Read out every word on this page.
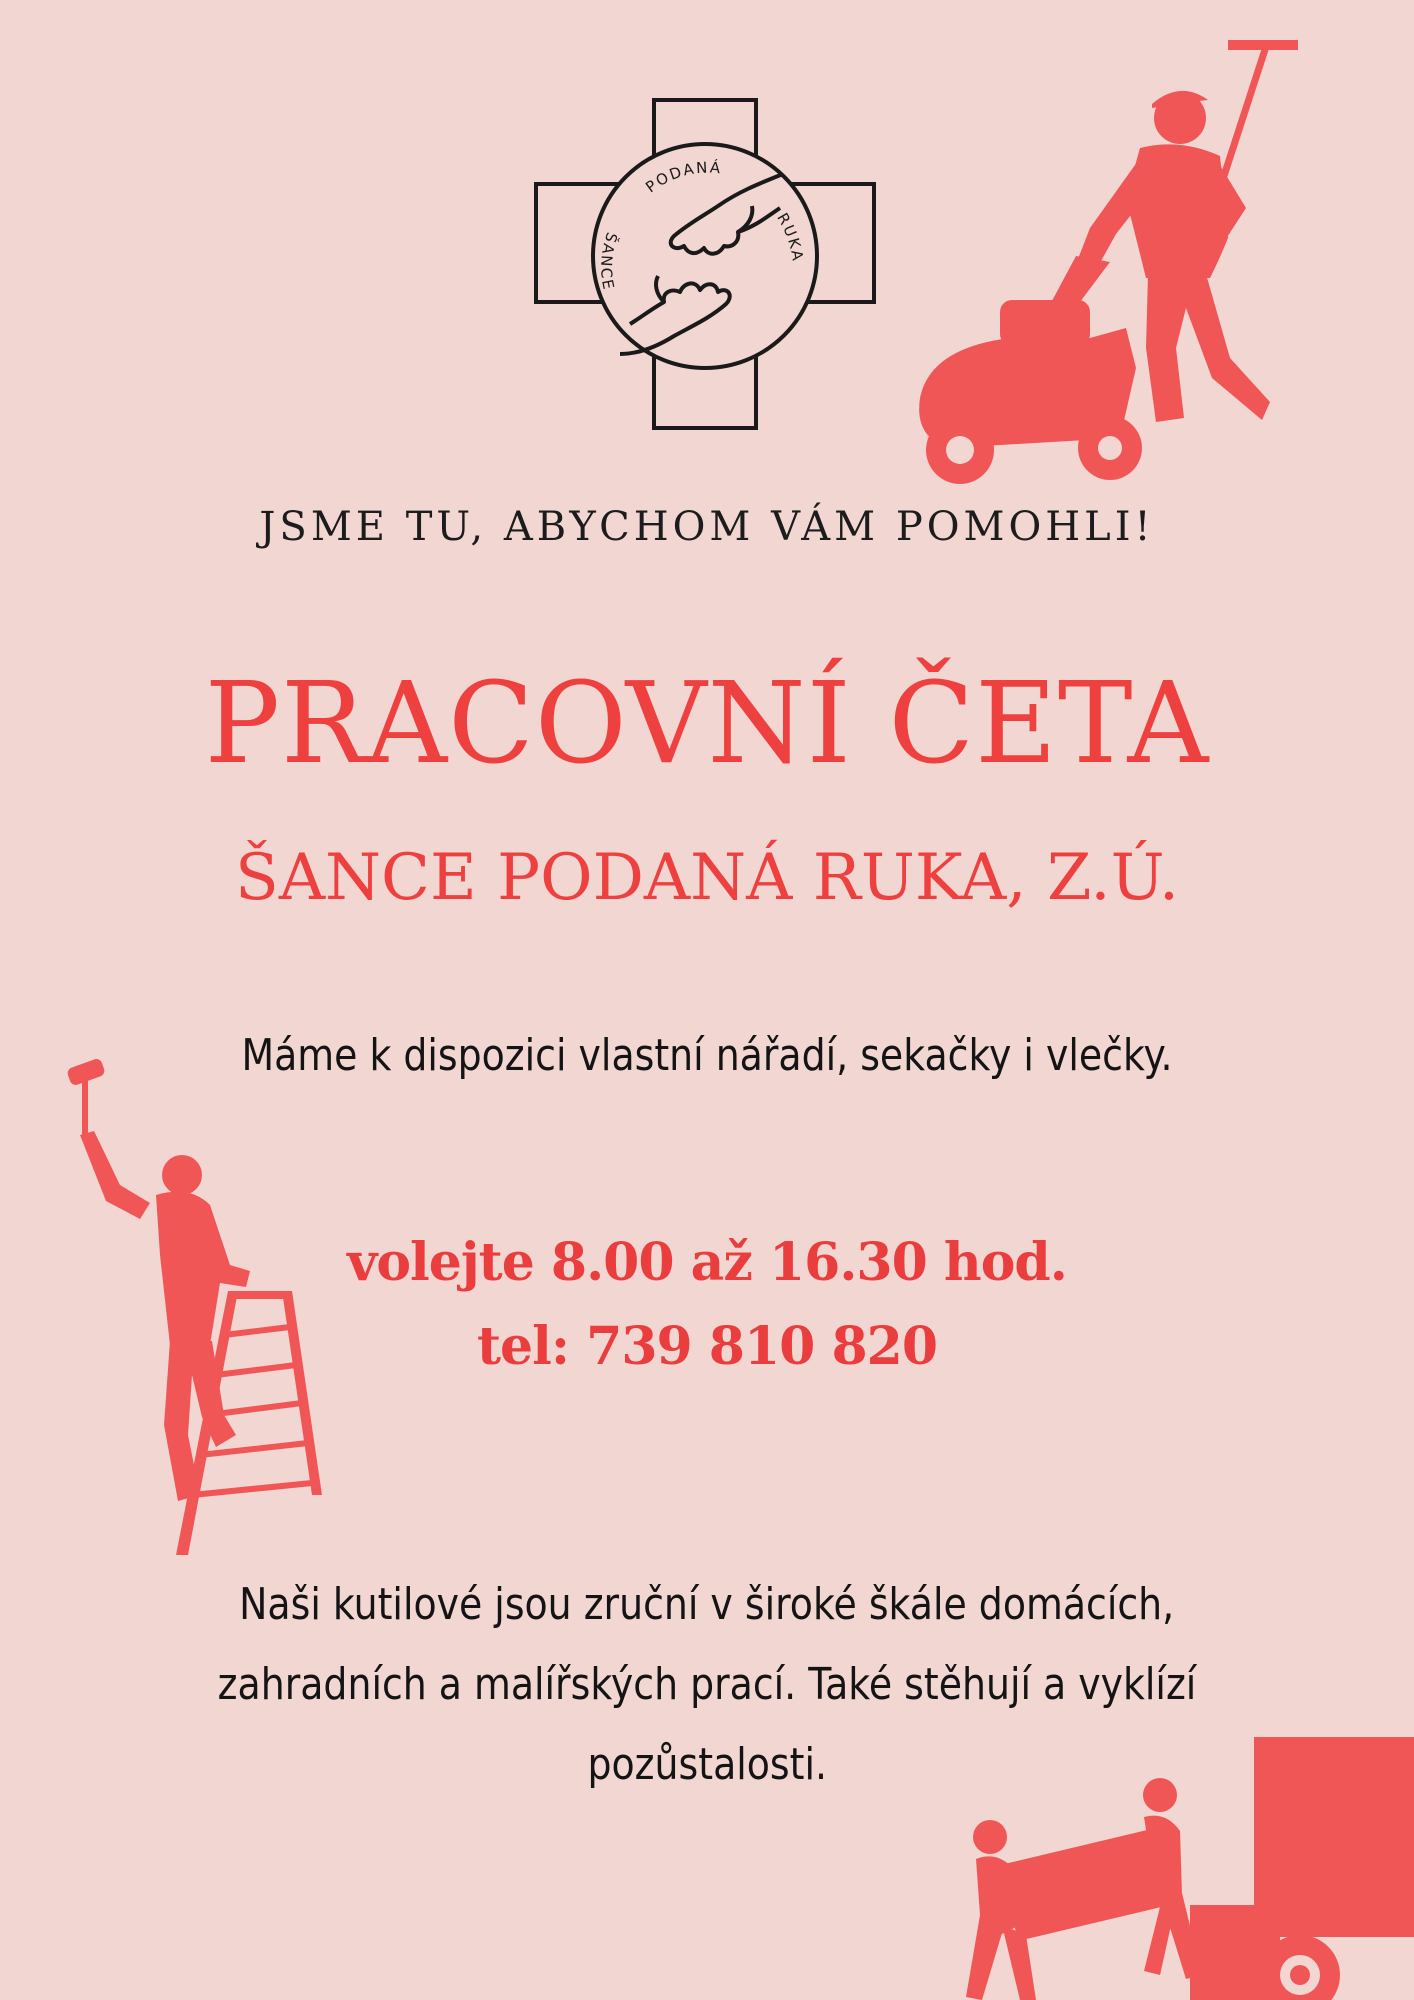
PODANÁ
ŠANCE
RUKA
JSME TU, ABYCHOM VÁM POMOHLI!
PRACOVNÍ ČETA
ŠANCE PODANÁ RUKA, Z.Ú.
Máme k dispozici vlastní nářadí, sekačky i vlečky.
volejte 8.00 až 16.30 hod.
tel: 739 810 820
Naši kutilové jsou zruční v široké škále domácích,
zahradních a malířských prací. Také stěhují a vyklízí
pozůstalosti.
